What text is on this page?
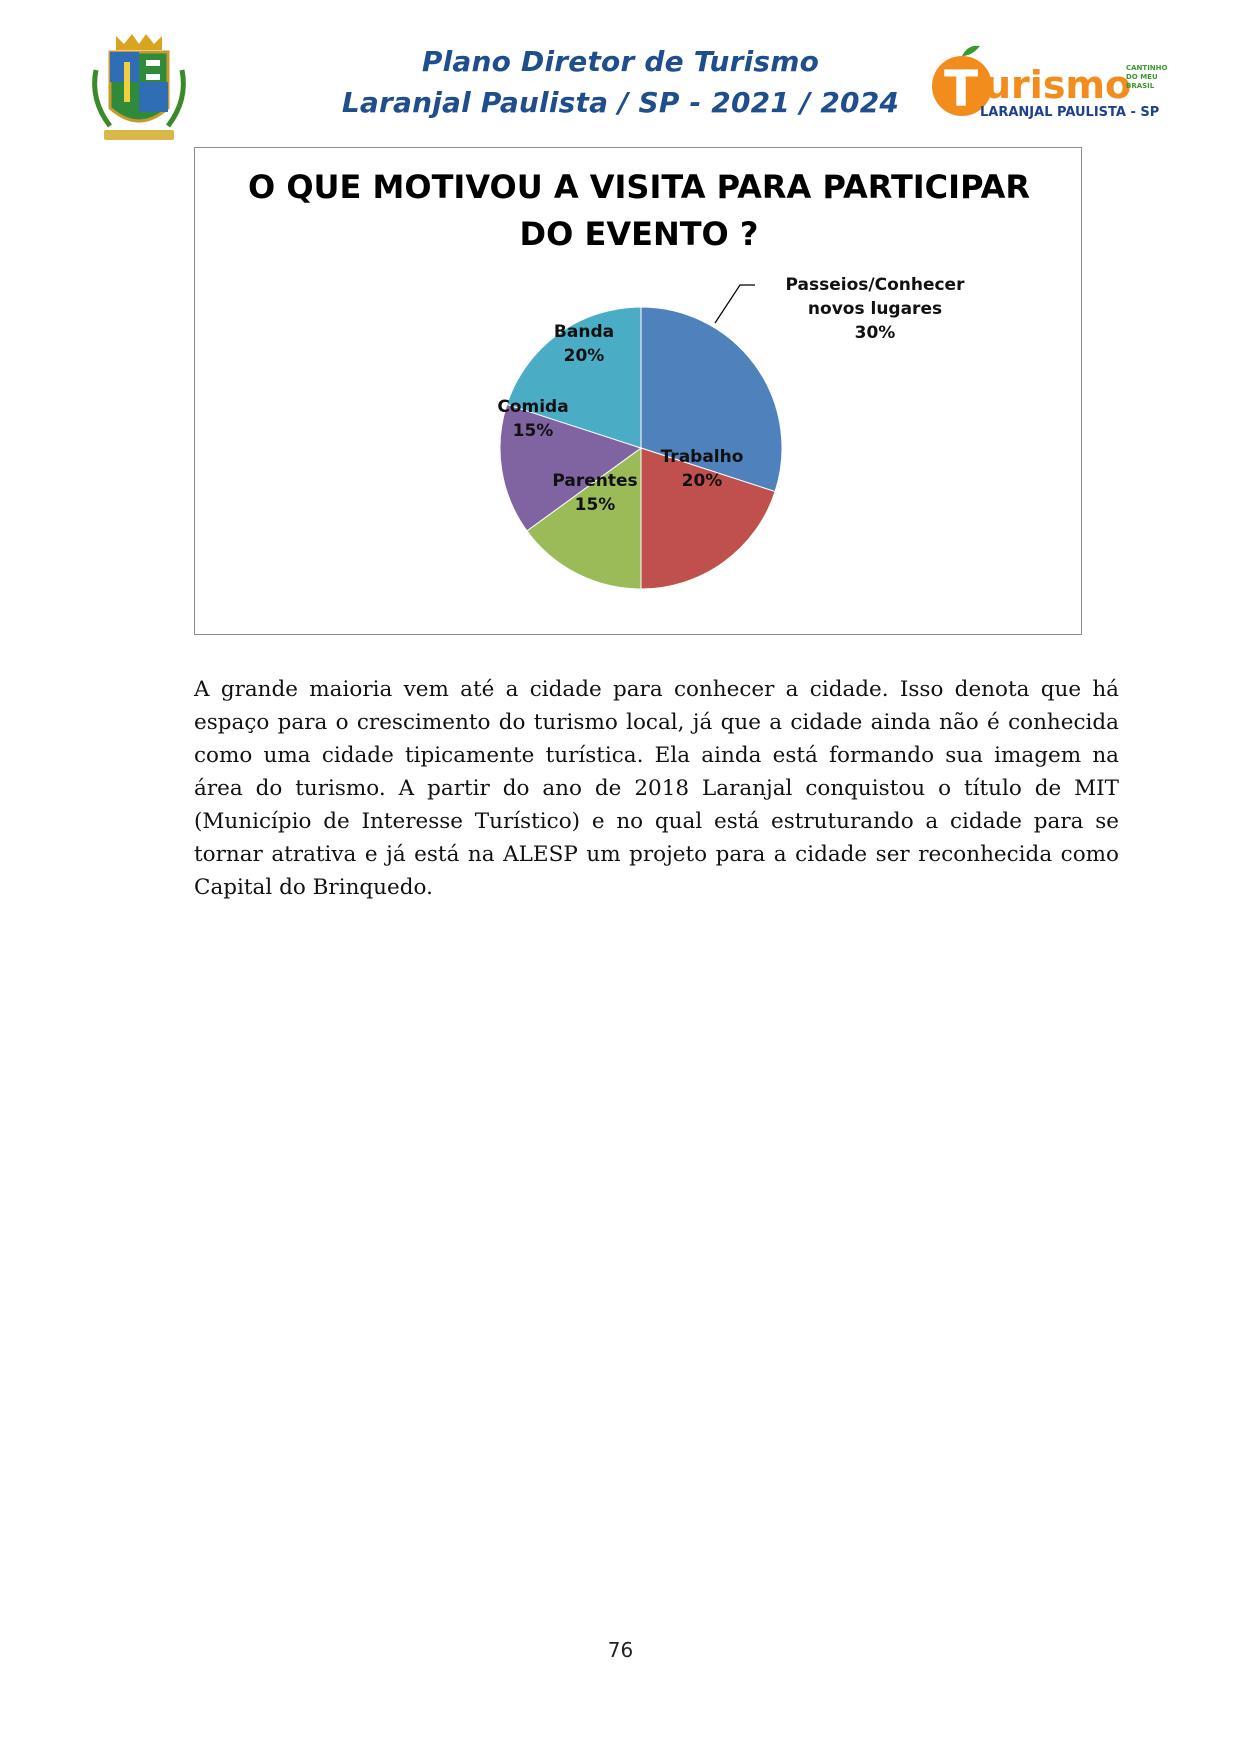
Plano Diretor de Turismo
Laranjal Paulista / SP - 2021 / 2024 T urismo
CANTINHO
DO MEU
BRASIL
LARANJAL PAULISTA - SP
O QUE MOTIVOU A VISITA PARA PARTICIPAR
DO EVENTO ?
Passeios/Conhecer
novos lugares
30%
Trabalho
20%
Parentes
15%
Comida
15%
Banda
20%
A grande maioria vem até a cidade para conhecer a cidade. Isso denota que há espaço para o crescimento do turismo local, já que a cidade ainda não é conhecida como uma cidade tipicamente turística. Ela ainda está formando sua imagem na área do turismo. A partir do ano de 2018 Laranjal conquistou o título de MIT (Município de Interesse Turístico) e no qual está estruturando a cidade para se tornar atrativa e já está na ALESP um projeto para a cidade ser reconhecida como Capital do Brinquedo.
76
